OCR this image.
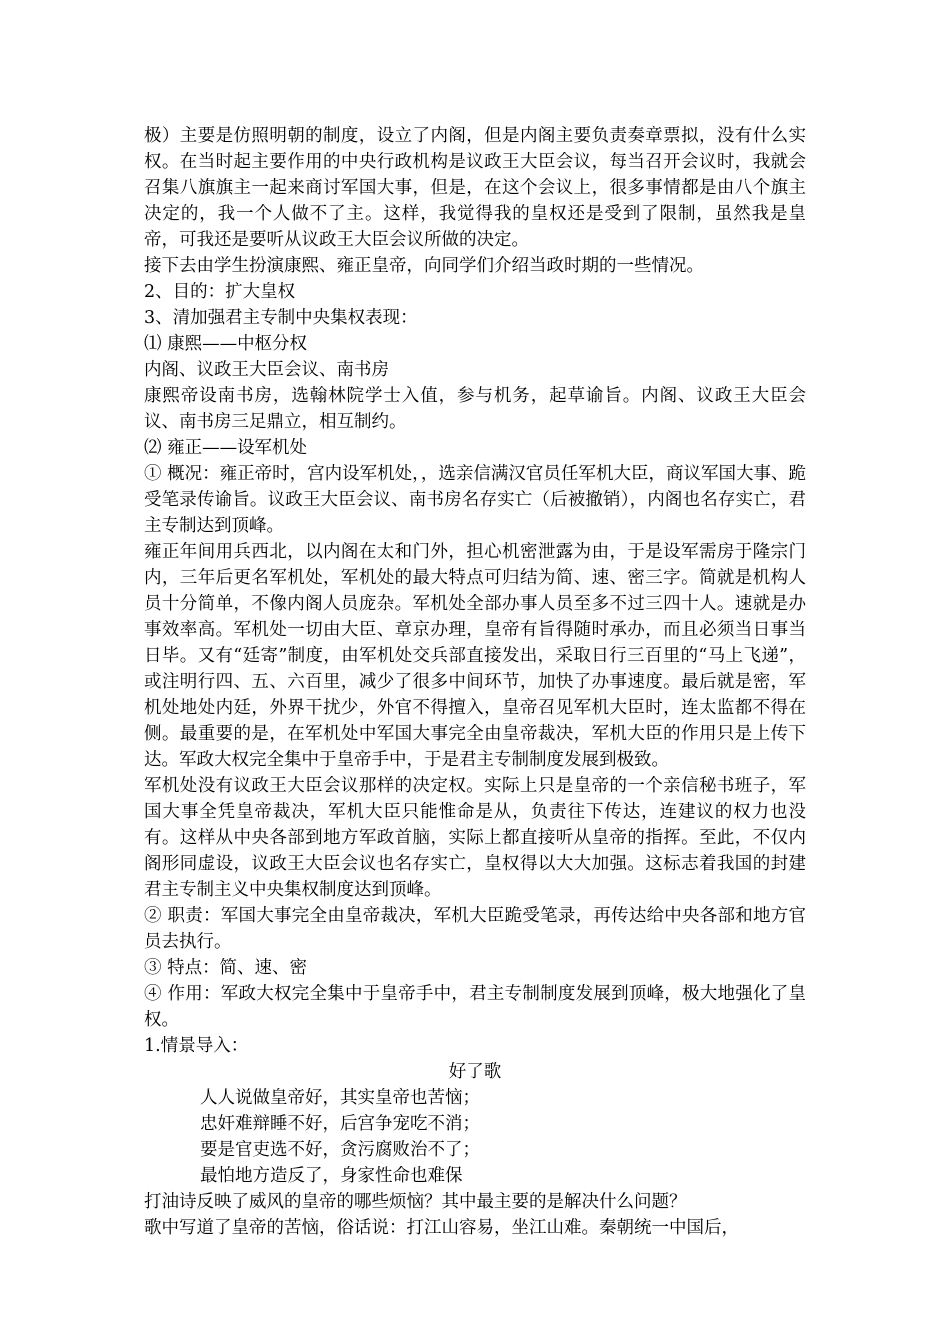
极）主要是仿照明朝的制度，设立了内阁，但是内阁主要负责奏章票拟，没有什么实权。在当时起主要作用的中央行政机构是议政王大臣会议，每当召开会议时，我就会召集八旗旗主一起来商讨军国大事，但是，在这个会议上，很多事情都是由八个旗主决定的，我一个人做不了主。这样，我觉得我的皇权还是受到了限制，虽然我是皇帝，可我还是要听从议政王大臣会议所做的决定。

接下去由学生扮演康熙、雍正皇帝，向同学们介绍当政时期的一些情况。

2、目的：扩大皇权

3、清加强君主专制中央集权表现：

⑴ 康熙——中枢分权

内阁、议政王大臣会议、南书房

康熙帝设南书房，选翰林院学士入值，参与机务，起草谕旨。内阁、议政王大臣会议、南书房三足鼎立，相互制约。

⑵ 雍正——设军机处

① 概况：雍正帝时，宫内设军机处，，选亲信满汉官员任军机大臣，商议军国大事、跪受笔录传谕旨。议政王大臣会议、南书房名存实亡（后被撤销），内阁也名存实亡，君主专制达到顶峰。

雍正年间用兵西北，以内阁在太和门外，担心机密泄露为由，于是设军需房于隆宗门内，三年后更名军机处，军机处的最大特点可归结为简、速、密三字。简就是机构人员十分简单，不像内阁人员庞杂。军机处全部办事人员至多不过三四十人。速就是办事效率高。军机处一切由大臣、章京办理，皇帝有旨得随时承办，而且必须当日事当日毕。又有“廷寄”制度，由军机处交兵部直接发出，采取日行三百里的“马上飞递”，或注明行四、五、六百里，减少了很多中间环节，加快了办事速度。最后就是密，军机处地处内廷，外界干扰少，外官不得擅入，皇帝召见军机大臣时，连太监都不得在侧。最重要的是，在军机处中军国大事完全由皇帝裁决，军机大臣的作用只是上传下达。军政大权完全集中于皇帝手中，于是君主专制制度发展到极致。

军机处没有议政王大臣会议那样的决定权。实际上只是皇帝的一个亲信秘书班子，军国大事全凭皇帝裁决，军机大臣只能惟命是从，负责往下传达，连建议的权力也没有。这样从中央各部到地方军政首脑，实际上都直接听从皇帝的指挥。至此，不仅内阁形同虚设，议政王大臣会议也名存实亡，皇权得以大大加强。这标志着我国的封建君主专制主义中央集权制度达到顶峰。

② 职责：军国大事完全由皇帝裁决，军机大臣跪受笔录，再传达给中央各部和地方官员去执行。

③ 特点：简、速、密

④ 作用：军政大权完全集中于皇帝手中，君主专制制度发展到顶峰，极大地强化了皇权。

1.情景导入：

好了歌

人人说做皇帝好，其实皇帝也苦恼；

忠奸难辩睡不好，后宫争宠吃不消；

要是官吏选不好，贪污腐败治不了；

最怕地方造反了，身家性命也难保

打油诗反映了威风的皇帝的哪些烦恼？其中最主要的是解决什么问题？

歌中写道了皇帝的苦恼，俗话说：打江山容易，坐江山难。秦朝统一中国后，
